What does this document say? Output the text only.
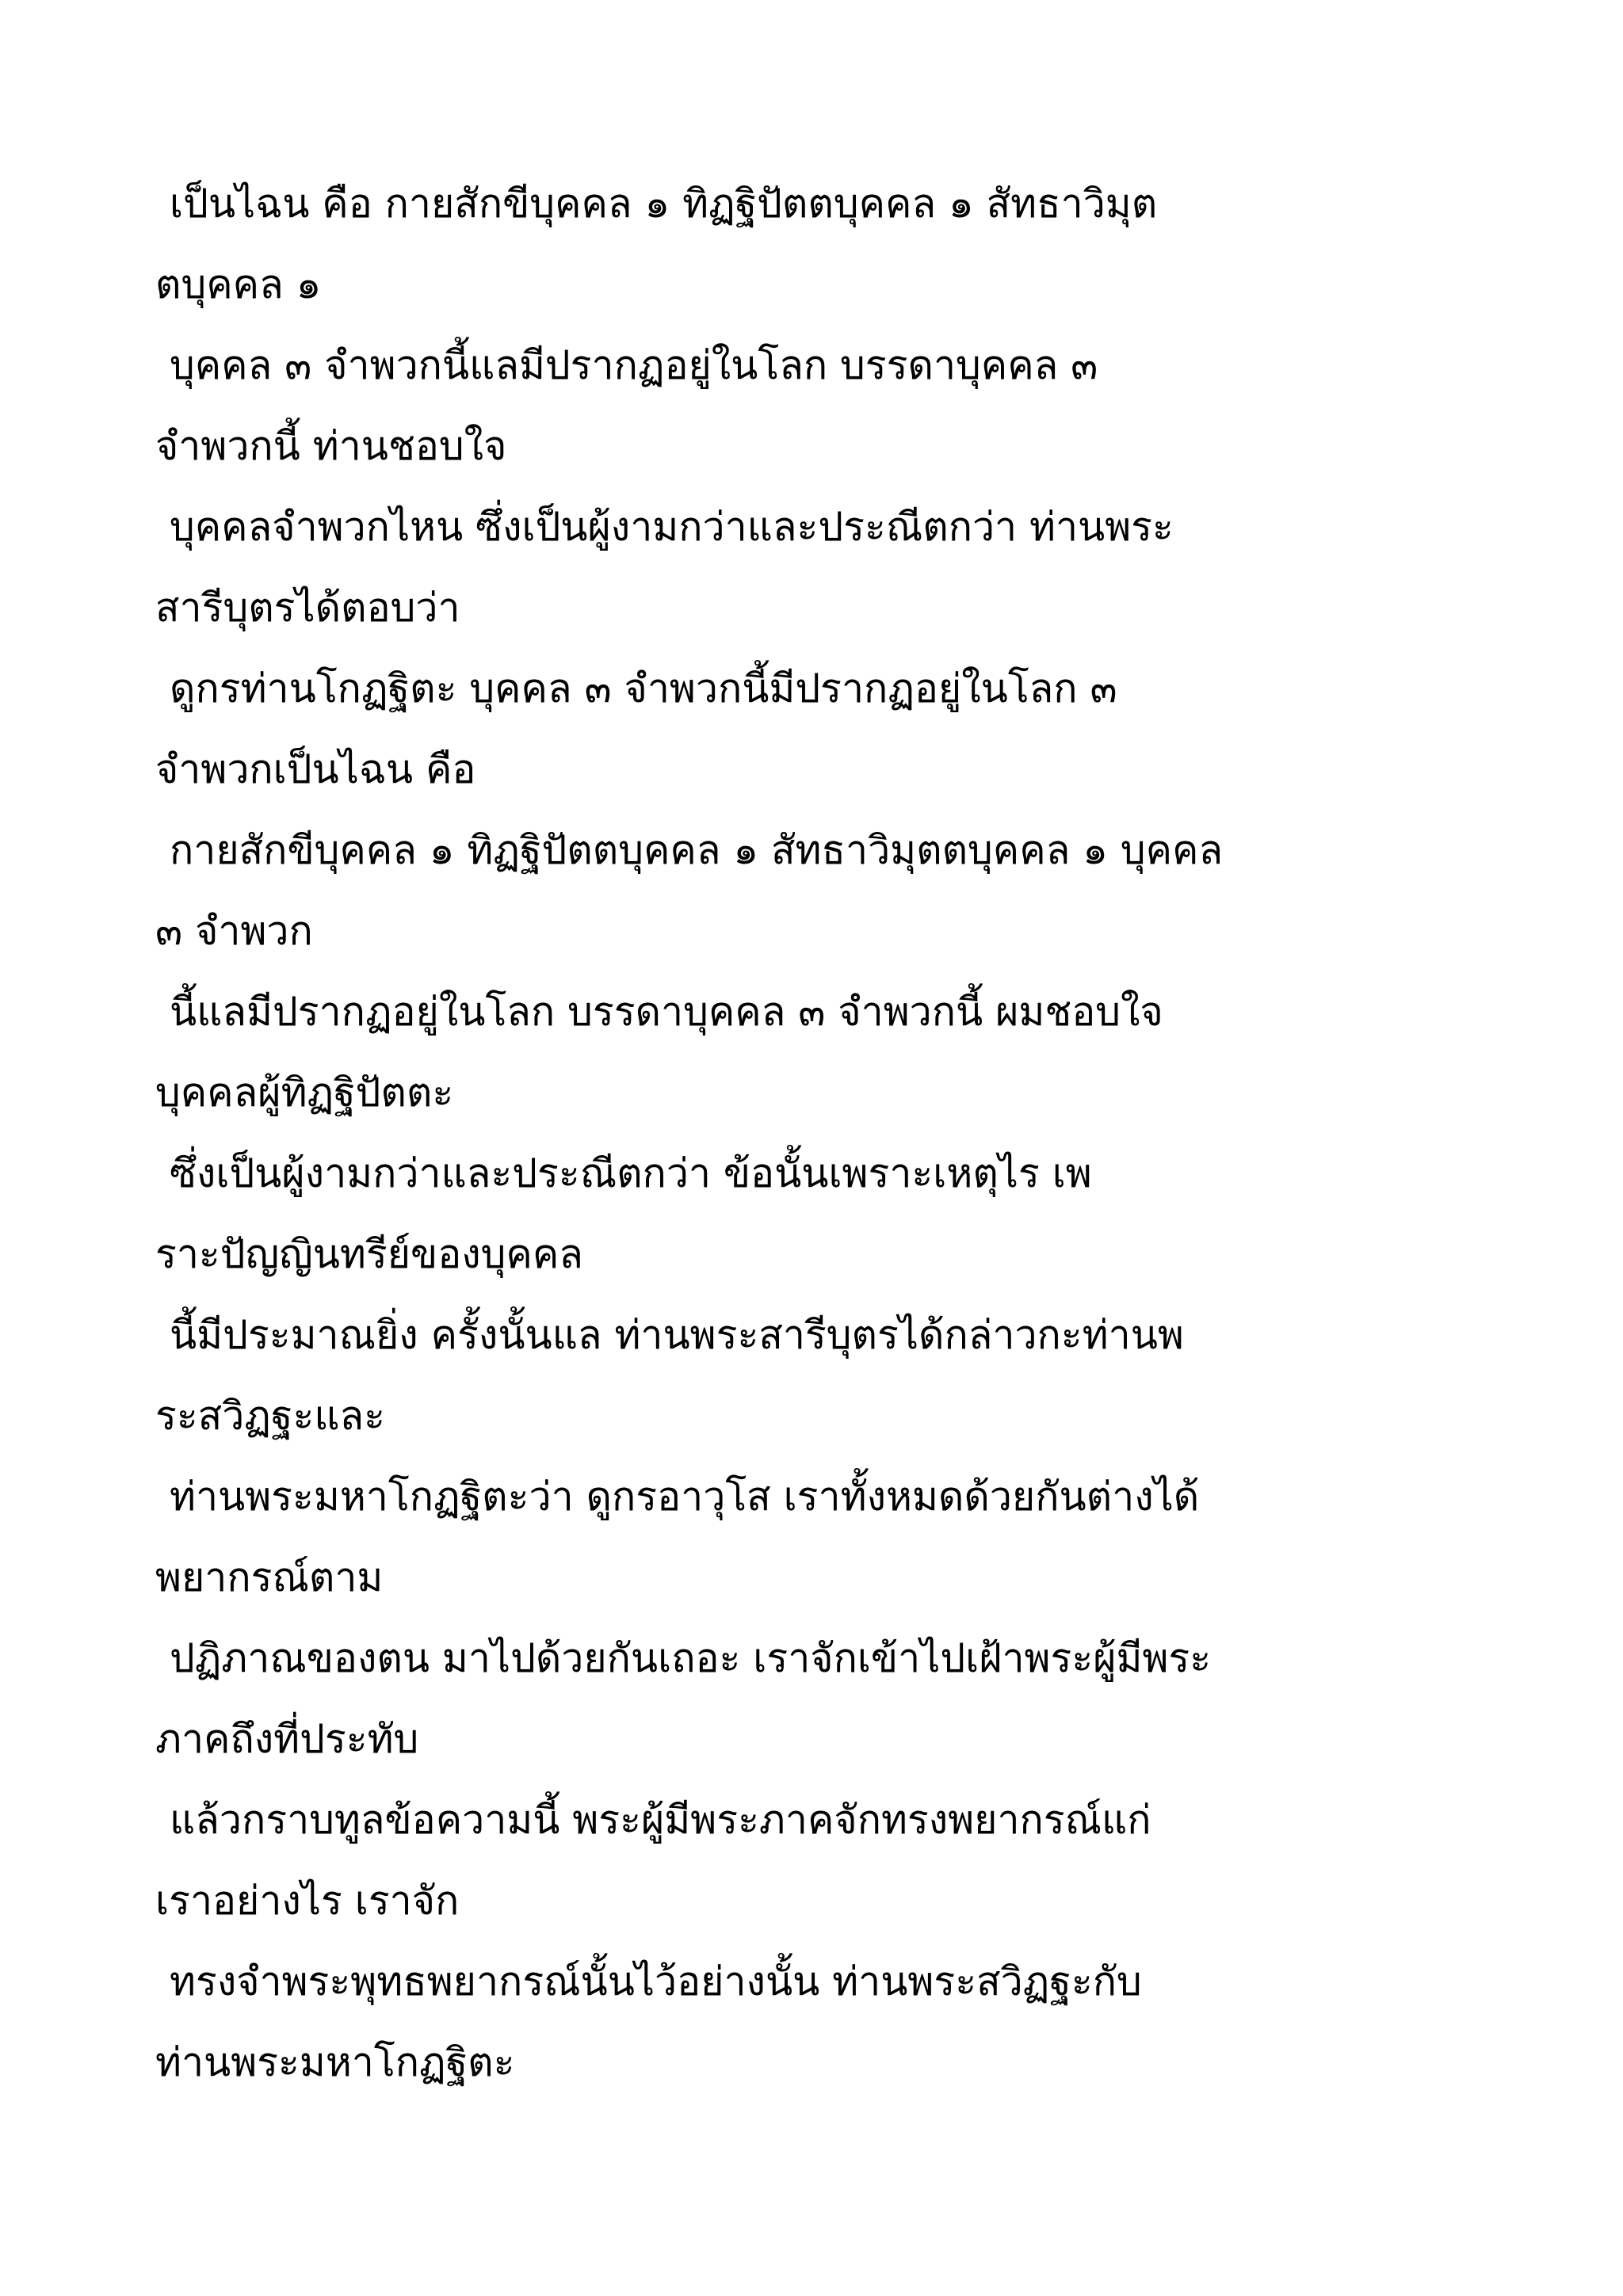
เป็นไฉน คือ กายสักขีบุคคล ๑ ทิฏฐิปัตตบุคคล ๑ สัทธาวิมุต
ตบุคคล ๑
บุคคล ๓ จำพวกนี้แลมีปรากฏอยู่ในโลก บรรดาบุคคล ๓
จำพวกนี้ ท่านชอบใจ
บุคคลจำพวกไหน ซึ่งเป็นผู้งามกว่าและประณีตกว่า ท่านพระ
สารีบุตรได้ตอบว่า
ดูกรท่านโกฏฐิตะ บุคคล ๓ จำพวกนี้มีปรากฏอยู่ในโลก ๓
จำพวกเป็นไฉน คือ
กายสักขีบุคคล ๑ ทิฏฐิปัตตบุคคล ๑ สัทธาวิมุตตบุคคล ๑ บุคคล
๓ จำพวก
นี้แลมีปรากฏอยู่ในโลก บรรดาบุคคล ๓ จำพวกนี้ ผมชอบใจ
บุคคลผู้ทิฏฐิปัตตะ
ซึ่งเป็นผู้งามกว่าและประณีตกว่า ข้อนั้นเพราะเหตุไร เพ
ราะปัญญินทรีย์ของบุคคล
นี้มีประมาณยิ่ง ครั้งนั้นแล ท่านพระสารีบุตรได้กล่าวกะท่านพ
ระสวิฏฐะและ
ท่านพระมหาโกฏฐิตะว่า ดูกรอาวุโส เราทั้งหมดด้วยกันต่างได้
พยากรณ์ตาม
ปฏิภาณของตน มาไปด้วยกันเถอะ เราจักเข้าไปเฝ้าพระผู้มีพระ
ภาคถึงที่ประทับ
แล้วกราบทูลข้อความนี้ พระผู้มีพระภาคจักทรงพยากรณ์แก่
เราอย่างไร เราจัก
ทรงจำพระพุทธพยากรณ์นั้นไว้อย่างนั้น ท่านพระสวิฏฐะกับ
ท่านพระมหาโกฏฐิตะ
